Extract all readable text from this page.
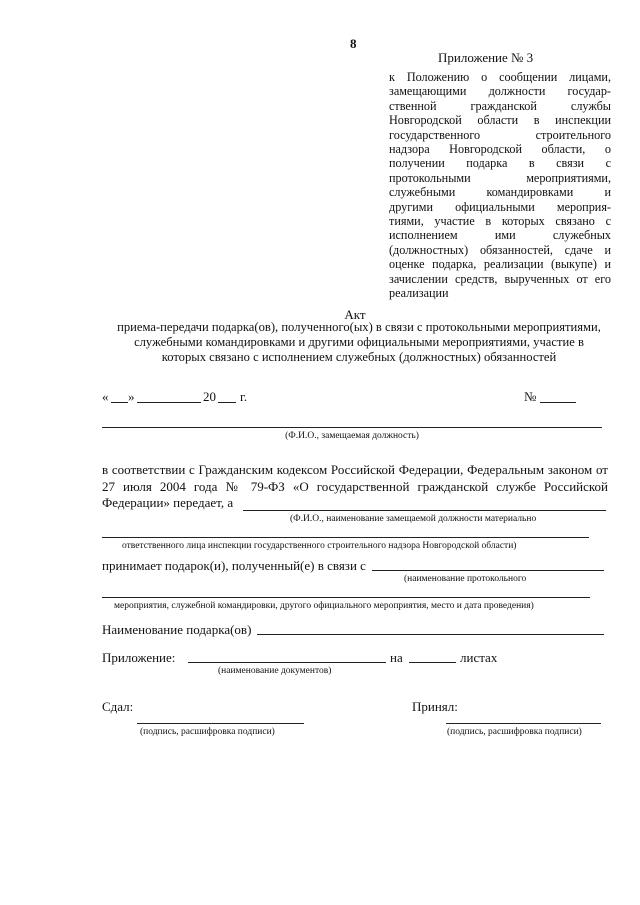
8
Приложение № 3
к Положению о сообщении лицами,
замещающими должности государ-
ственной гражданской службы
Новгородской области в инспекции
государственного строительного
надзора Новгородской области, о
получении подарка в связи с
протокольными мероприятиями,
служебными командировками и
другими официальными мероприя-
тиями, участие в которых связано с
исполнением ими служебных
(должностных) обязанностей, сдаче и
оценке подарка, реализации (выкупе) и
зачислении средств, вырученных от его
реализации
Акт
приема-передачи подарка(ов), полученного(ых) в связи с протокольными мероприятиями,
служебными командировками и другими официальными мероприятиями, участие в
которых связано с исполнением служебных (должностных) обязанностей
« »	20 г.	№
(Ф.И.О., замещаемая должность)
в соответствии с Гражданским кодексом Российской Федерации, Федеральным законом от
27 июля 2004 года № 79-ФЗ «О государственной гражданской службе Российской
Федерации» передает, а
(Ф.И.О., наименование замещаемой должности материально
ответственного лица инспекции государственного строительного надзора Новгородской области)
принимает подарок(и), полученный(е) в связи с
(наименование протокольного
мероприятия, служебной командировки, другого официального мероприятия, место и дата проведения)
Наименование подарка(ов)
Приложение:	на	листах
(наименование документов)
Сдал:
(подпись, расшифровка подписи)
Принял:
(подпись, расшифровка подписи)
